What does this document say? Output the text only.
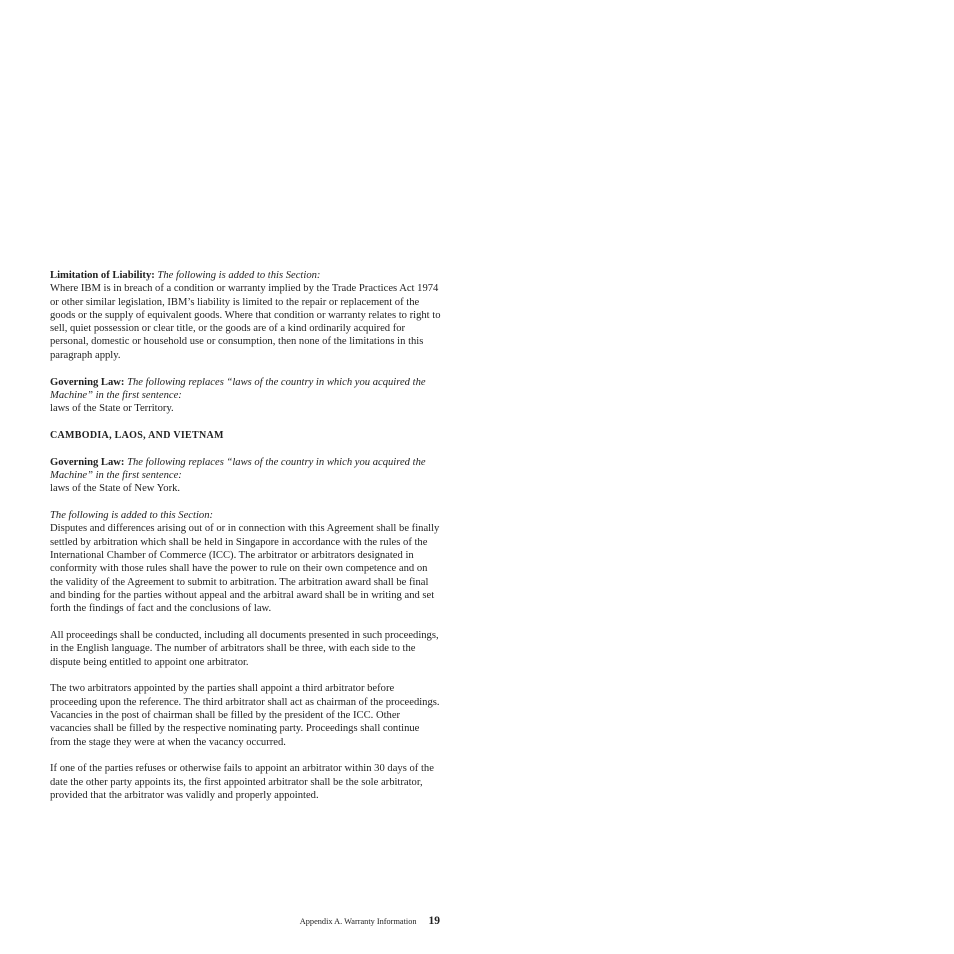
Limitation of Liability: The following is added to this Section:
Where IBM is in breach of a condition or warranty implied by the Trade Practices Act 1974 or other similar legislation, IBM’s liability is limited to the repair or replacement of the goods or the supply of equivalent goods. Where that condition or warranty relates to right to sell, quiet possession or clear title, or the goods are of a kind ordinarily acquired for personal, domestic or household use or consumption, then none of the limitations in this paragraph apply.
Governing Law: The following replaces “laws of the country in which you acquired the Machine” in the first sentence:
laws of the State or Territory.
CAMBODIA, LAOS, AND VIETNAM
Governing Law: The following replaces “laws of the country in which you acquired the Machine” in the first sentence:
laws of the State of New York.
The following is added to this Section:
Disputes and differences arising out of or in connection with this Agreement shall be finally settled by arbitration which shall be held in Singapore in accordance with the rules of the International Chamber of Commerce (ICC). The arbitrator or arbitrators designated in conformity with those rules shall have the power to rule on their own competence and on the validity of the Agreement to submit to arbitration. The arbitration award shall be final and binding for the parties without appeal and the arbitral award shall be in writing and set forth the findings of fact and the conclusions of law.
All proceedings shall be conducted, including all documents presented in such proceedings, in the English language. The number of arbitrators shall be three, with each side to the dispute being entitled to appoint one arbitrator.
The two arbitrators appointed by the parties shall appoint a third arbitrator before proceeding upon the reference. The third arbitrator shall act as chairman of the proceedings. Vacancies in the post of chairman shall be filled by the president of the ICC. Other vacancies shall be filled by the respective nominating party. Proceedings shall continue from the stage they were at when the vacancy occurred.
If one of the parties refuses or otherwise fails to appoint an arbitrator within 30 days of the date the other party appoints its, the first appointed arbitrator shall be the sole arbitrator, provided that the arbitrator was validly and properly appointed.
Appendix A. Warranty Information 19
